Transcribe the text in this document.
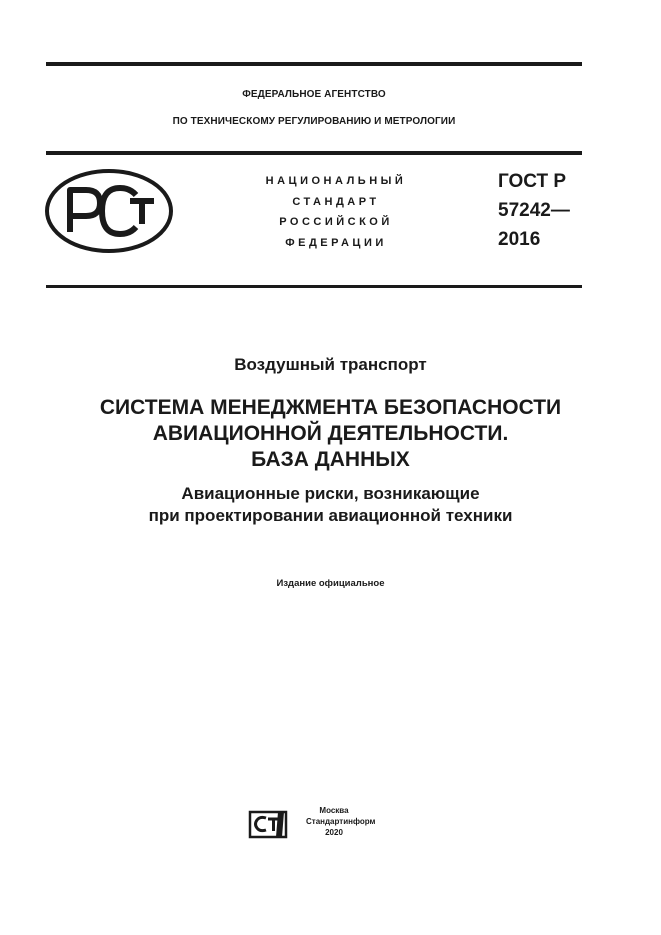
ФЕДЕРАЛЬНОЕ АГЕНТСТВО
ПО ТЕХНИЧЕСКОМУ РЕГУЛИРОВАНИЮ И МЕТРОЛОГИИ
НАЦИОНАЛЬНЫЙ
СТАНДАРТ
РОССИЙСКОЙ
ФЕДЕРАЦИИ
ГОСТ Р
57242—
2016
Воздушный транспорт
СИСТЕМА МЕНЕДЖМЕНТА БЕЗОПАСНОСТИ
АВИАЦИОННОЙ ДЕЯТЕЛЬНОСТИ.
БАЗА ДАННЫХ
Авиационные риски, возникающие
при проектировании авиационной техники
Издание официальное
Москва
Стандартинформ
2020
